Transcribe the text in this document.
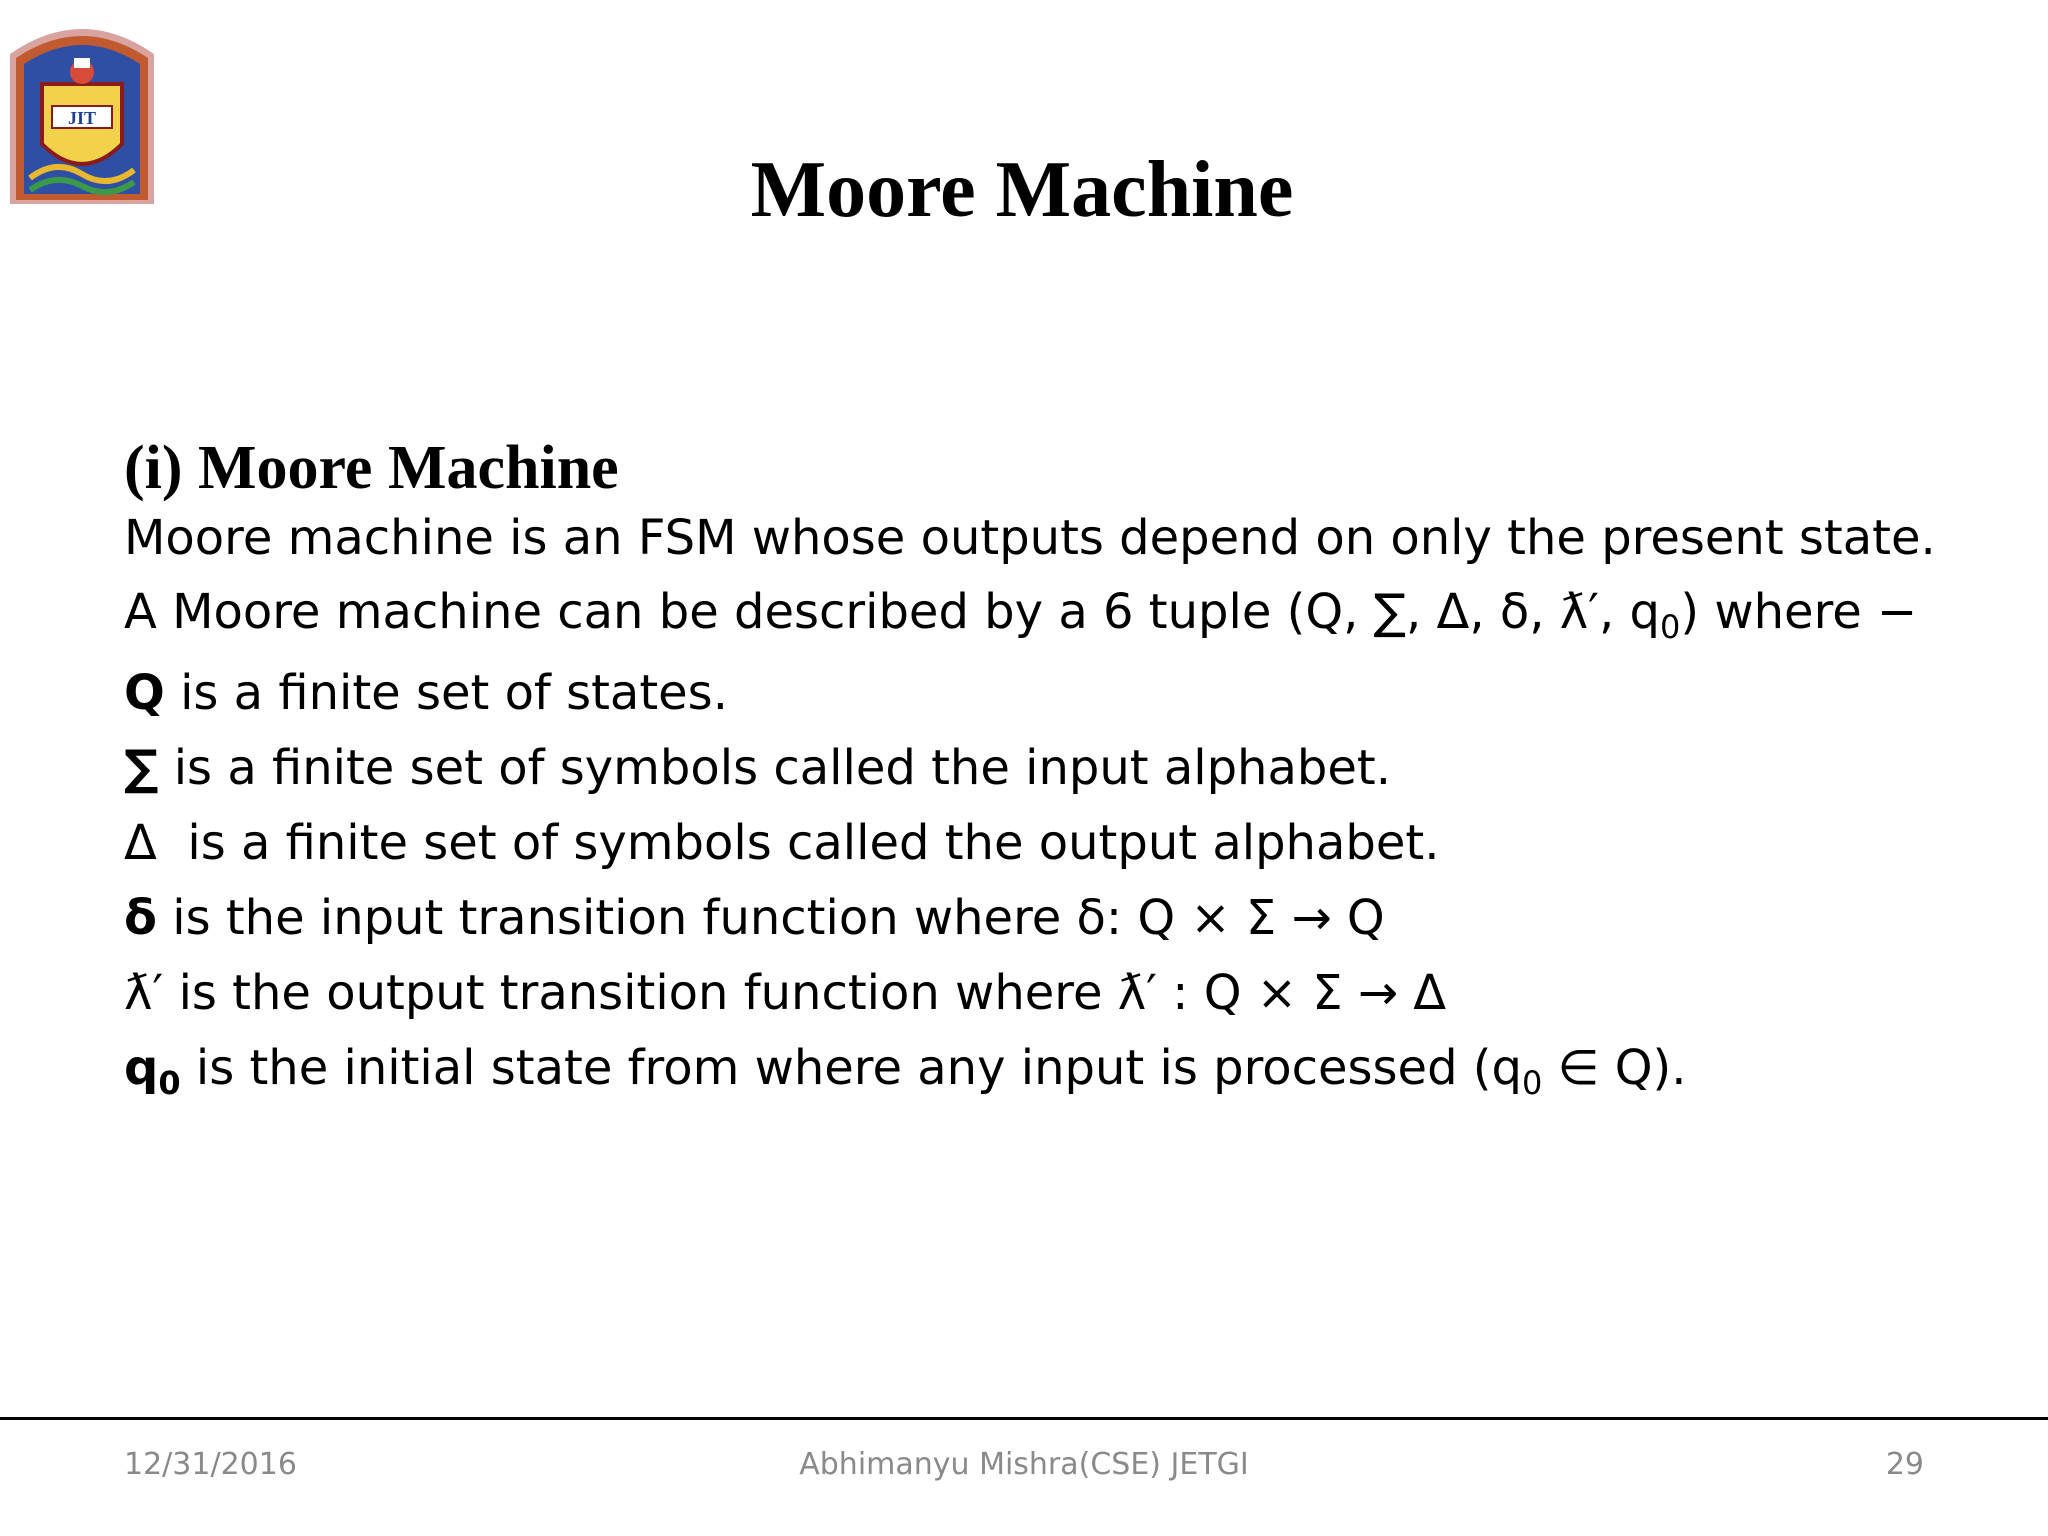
JIT
Moore Machine
(i) Moore Machine
Moore machine is an FSM whose outputs depend on only the present state.
A Moore machine can be described by a 6 tuple (Q, ∑, Δ, δ, ƛ′, $q_0$) where −
Q is a finite set of states.
∑ is a finite set of symbols called the input alphabet.
Δ  is a finite set of symbols called the output alphabet.
δ is the input transition function where δ: Q × Σ → Q
ƛ′ is the output transition function where ƛ′ : Q × Σ → Δ
$q_0$ is the initial state from where any input is processed ($q_0$ ∈ Q).
12/31/2016	Abhimanyu Mishra(CSE) JETGI	29
